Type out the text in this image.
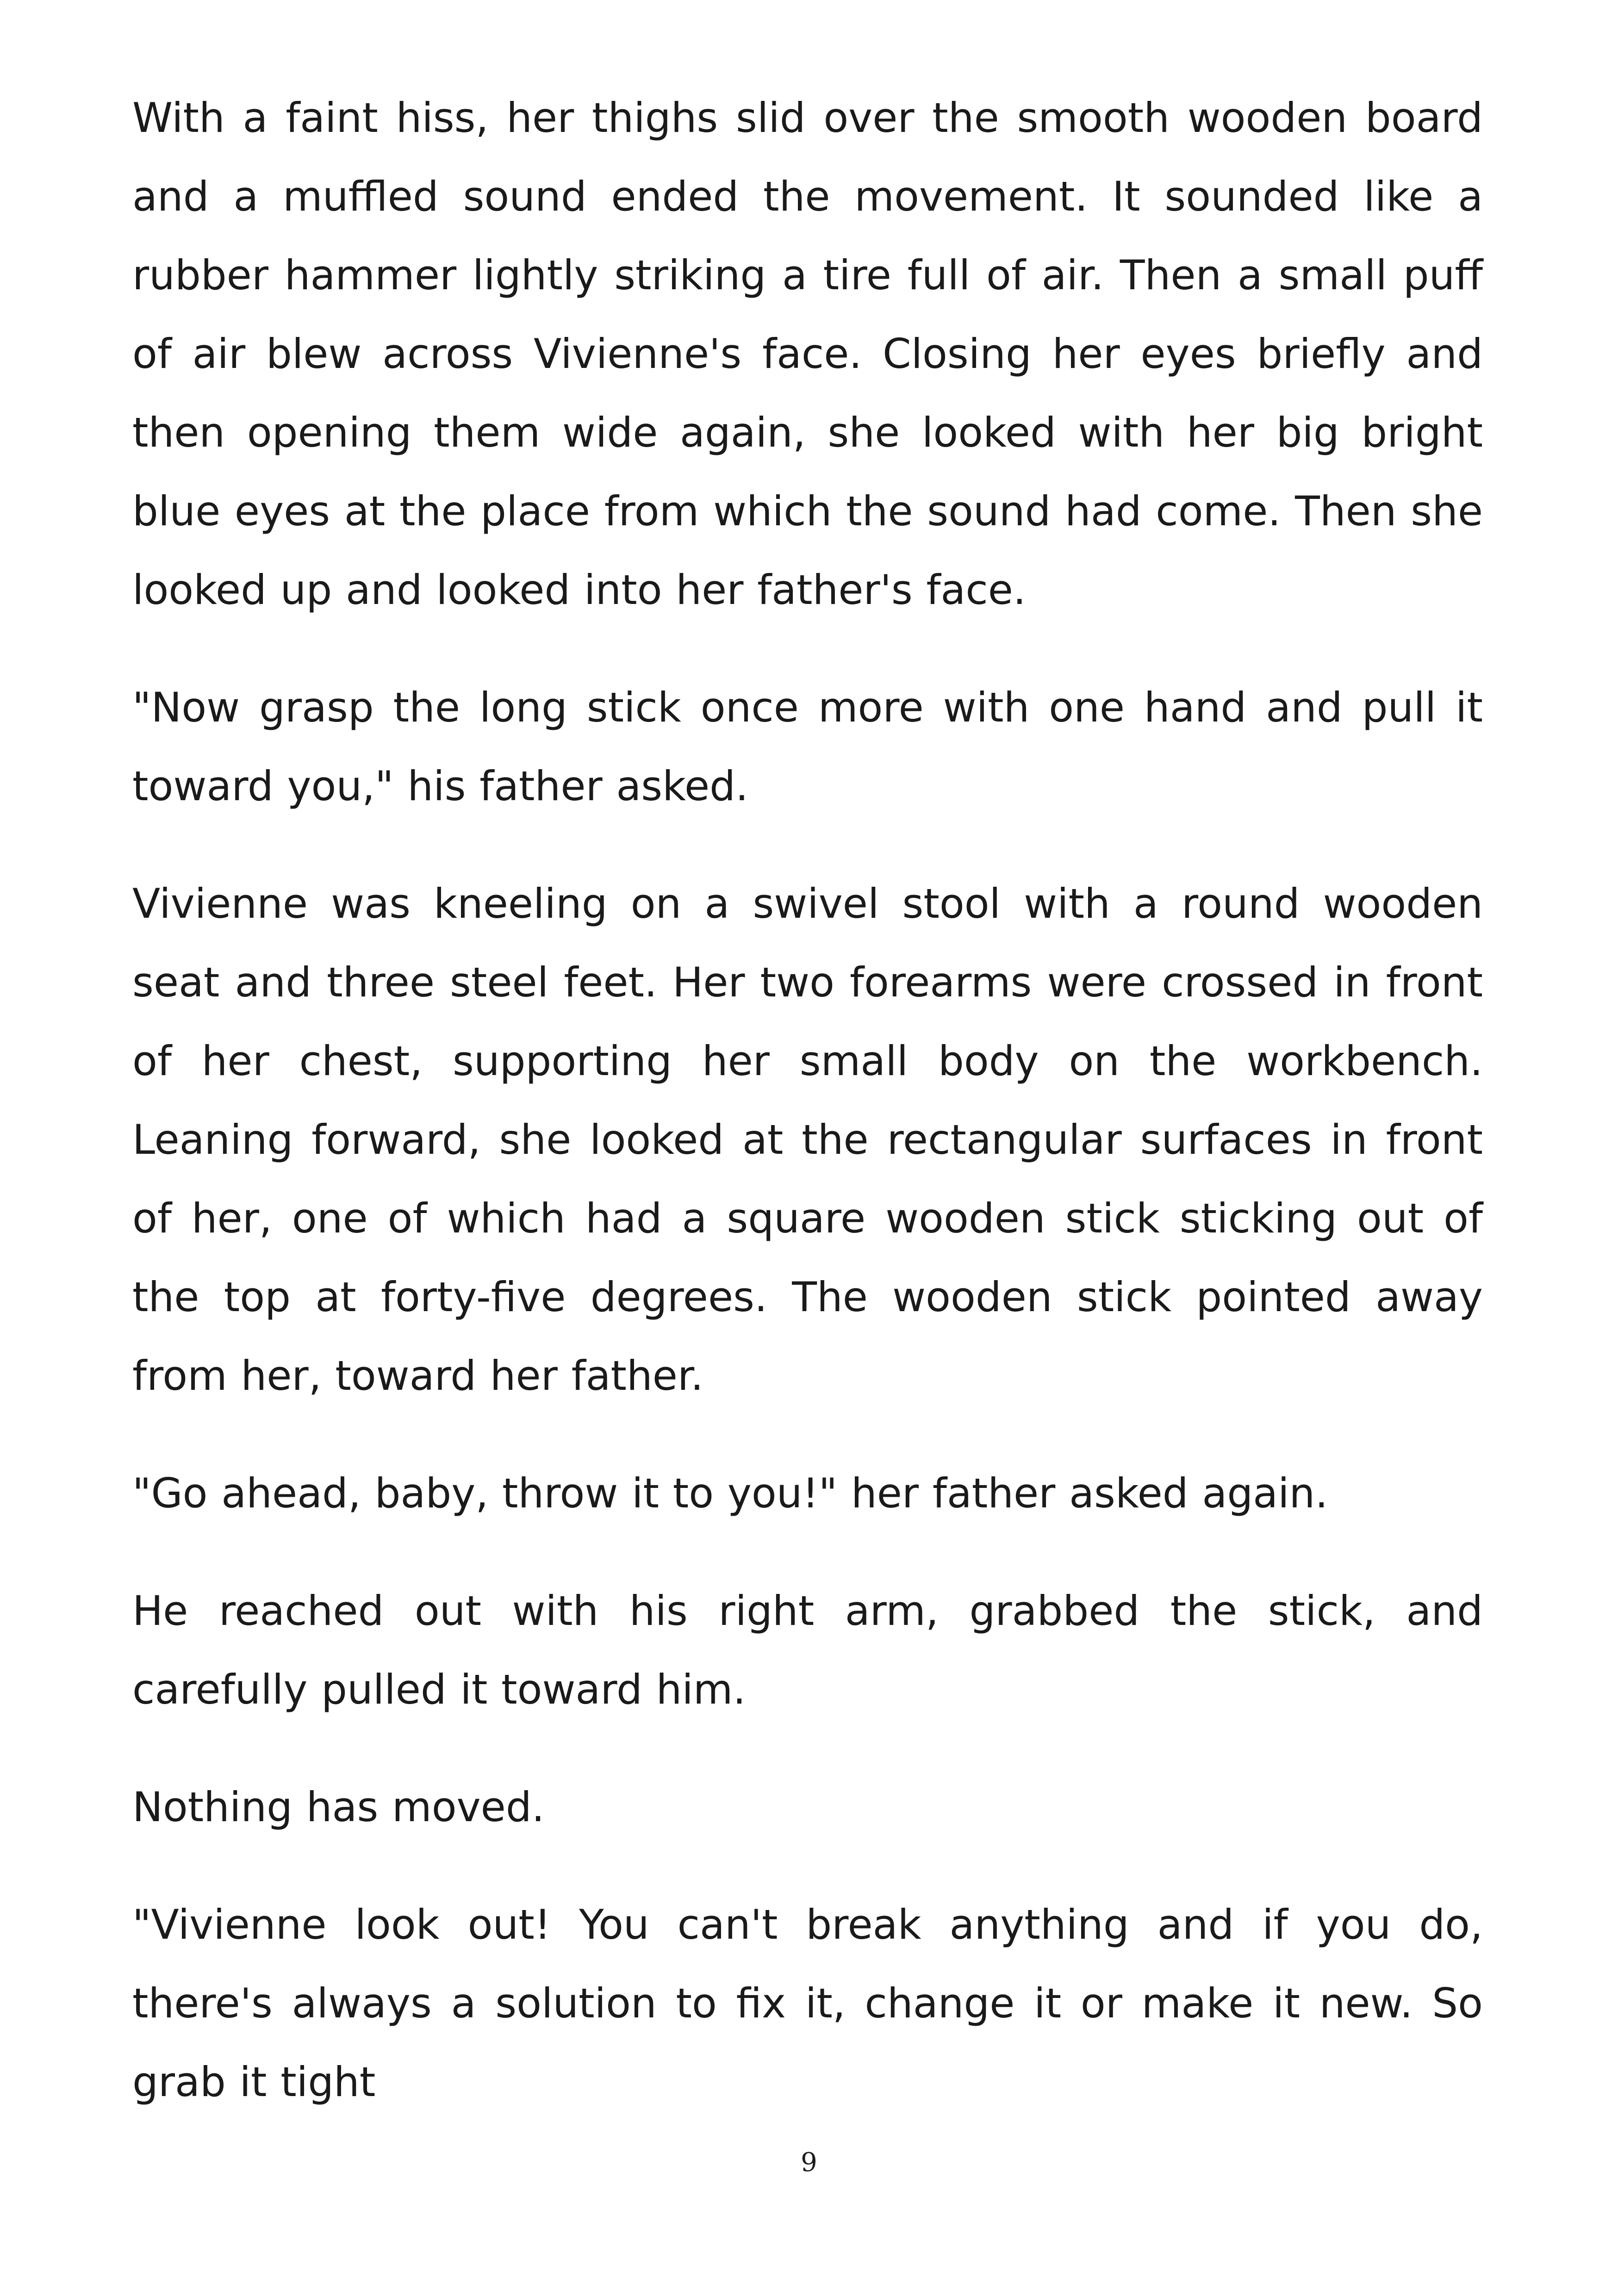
With a faint hiss, her thighs slid over the smooth wooden board and a muffled sound ended the movement. It sounded like a rubber hammer lightly striking a tire full of air. Then a small puff of air blew across Vivienne's face. Closing her eyes briefly and then opening them wide again, she looked with her big bright blue eyes at the place from which the sound had come. Then she looked up and looked into her father's face.

"Now grasp the long stick once more with one hand and pull it toward you," his father asked.

Vivienne was kneeling on a swivel stool with a round wooden seat and three steel feet. Her two forearms were crossed in front of her chest, supporting her small body on the workbench. Leaning forward, she looked at the rectangular surfaces in front of her, one of which had a square wooden stick sticking out of the top at forty-five degrees. The wooden stick pointed away from her, toward her father.

"Go ahead, baby, throw it to you!" her father asked again.

He reached out with his right arm, grabbed the stick, and carefully pulled it toward him.

Nothing has moved.

"Vivienne look out! You can't break anything and if you do, there's always a solution to fix it, change it or make it new. So grab it tight

9
